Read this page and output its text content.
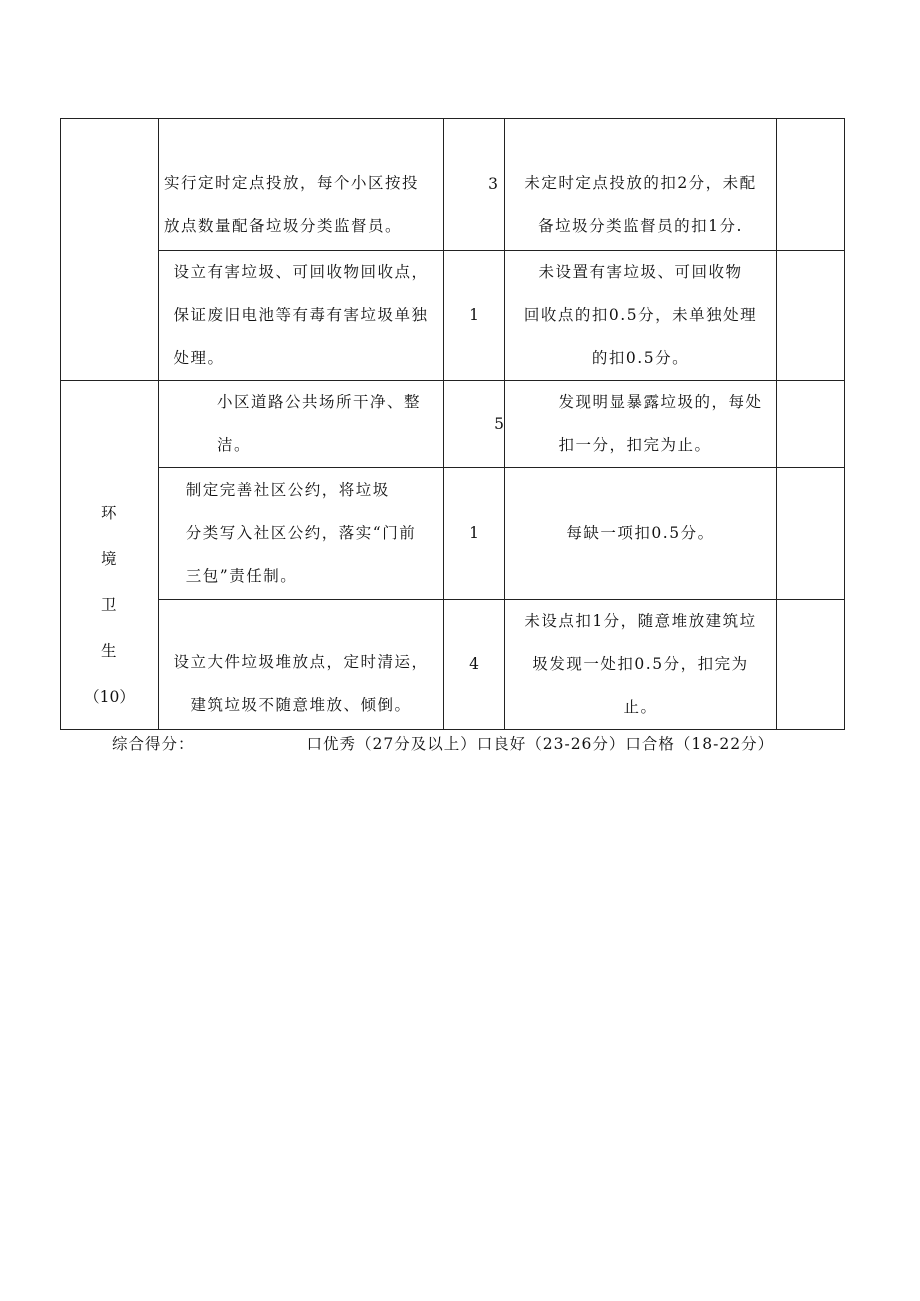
	实行定时定点投放，每个小区按投
放点数量配备垃圾分类监督员。	3	未定时定点投放的扣2分，未配
备垃圾分类监督员的扣1分.	

	设立有害垃圾、可回收物回收点，
保证废旧电池等有毒有害垃圾单独
处理。	1	未设置有害垃圾、可回收物
回收点的扣0.5分，未单独处理
的扣0.5分。	

环
境
卫
生
（10）	小区道路公共场所干净、整
洁。	5	发现明显暴露垃圾的，每处
扣一分，扣完为止。	
	制定完善社区公约，将垃圾
分类写入社区公约，落实“门前
三包”责任制。	1	每缺一项扣0.5分。	

	设立大件垃圾堆放点，定时清运，
建筑垃圾不随意堆放、倾倒。	4	未设点扣1分，随意堆放建筑垃
圾发现一处扣0.5分，扣完为
止。	

综合得分：	口优秀（27分及以上）口良好（23-26分）口合格（18-22分）
